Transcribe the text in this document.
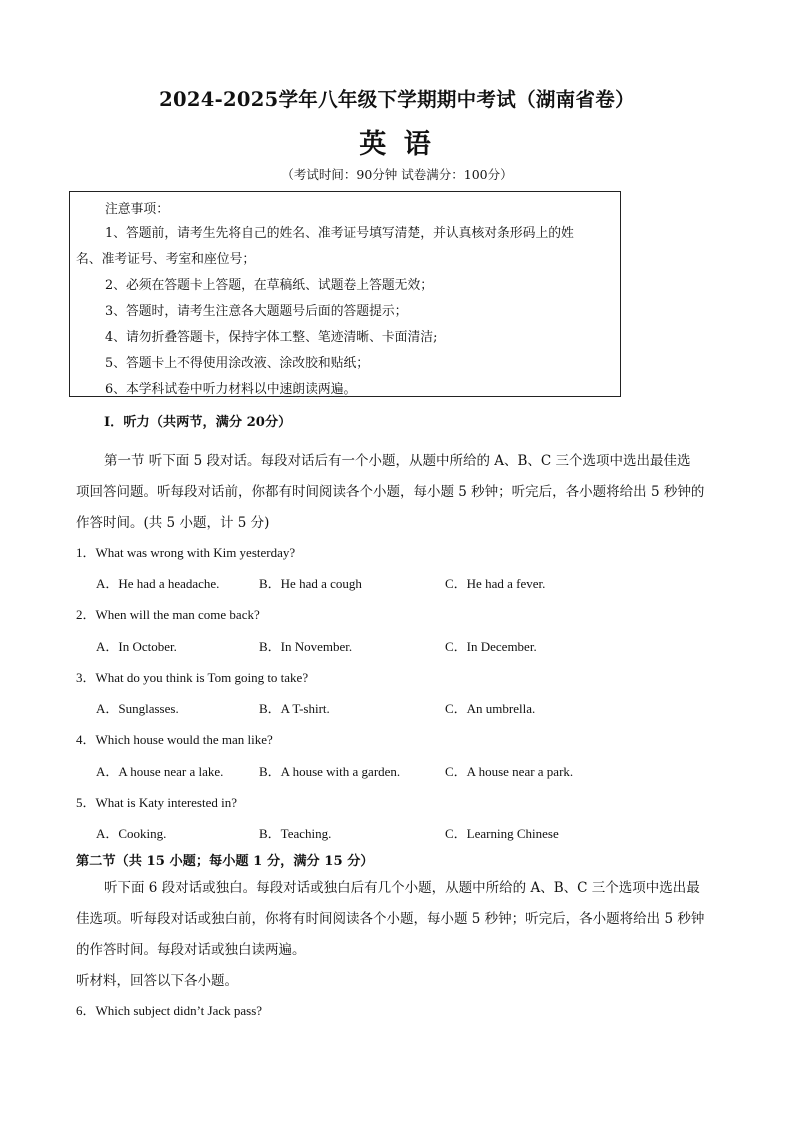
2024-2025学年八年级下学期期中考试（湖南省卷）
英 语
（考试时间：90分钟 试卷满分：100分）
注意事项：
1、答题前，请考生先将自己的姓名、准考证号填写清楚，并认真核对条形码上的姓
名、准考证号、考室和座位号；
2、必须在答题卡上答题，在草稿纸、试题卷上答题无效；
3、答题时，请考生注意各大题题号后面的答题提示；
4、请勿折叠答题卡，保持字体工整、笔迹清晰、卡面清洁;
5、答题卡上不得使用涂改液、涂改胶和贴纸；
6、本学科试卷中听力材料以中速朗读两遍。
I．听力（共两节，满分 20分）
第一节 听下面 5 段对话。每段对话后有一个小题，从题中所给的 A、B、C 三个选项中选出最佳选
项回答问题。听每段对话前，你都有时间阅读各个小题，每小题 5 秒钟；听完后，各小题将给出 5 秒钟的
作答时间。(共 5 小题，计 5 分)
1．What was wrong with Kim yesterday?
A．He had a headache.	B．He had a cough	C．He had a fever.
2．When will the man come back?
A．In October.	B．In November.	C．In December.
3．What do you think is Tom going to take?
A．Sunglasses.	B．A T-shirt.	C．An umbrella.
4．Which house would the man like?
A．A house near a lake.	B．A house with a garden.	C．A house near a park.
5．What is Katy interested in?
A．Cooking.	B．Teaching.	C．Learning Chinese
第二节（共 15 小题；每小题 1 分，满分 15 分）
听下面 6 段对话或独白。每段对话或独白后有几个小题，从题中所给的 A、B、C 三个选项中选出最
佳选项。听每段对话或独白前，你将有时间阅读各个小题，每小题 5 秒钟；听完后，各小题将给出 5 秒钟
的作答时间。每段对话或独白读两遍。
听材料，回答以下各小题。
6．Which subject didn’t Jack pass?
